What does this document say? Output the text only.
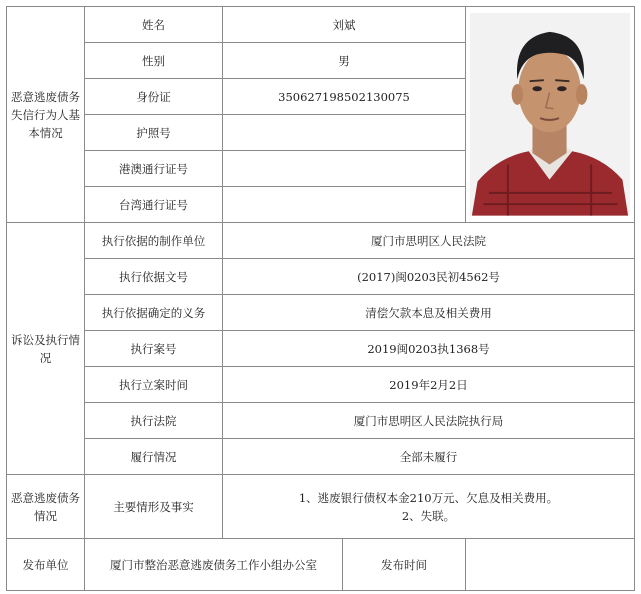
恶意逃废债务失信行为人基本情况	姓名	刘斌	

	性别	男		
	身份证	350627198502130075		
	护照号			
	港澳通行证号			
	台湾通行证号			
诉讼及执行情况	执行依据的制作单位	厦门市思明区人民法院		
	执行依据文号	(2017)闽0203民初4562号		
	执行依据确定的义务	清偿欠款本息及相关费用		
	执行案号	2019闽0203执1368号		
	执行立案时间	2019年2月2日		
	执行法院	厦门市思明区人民法院执行局		
	履行情况	全部未履行		
恶意逃废债务情况	主要情形及事实	1、逃废银行债权本金210万元、欠息及相关费用。
2、失联。		

发布单位	厦门市整治恶意逃废债务工作小组办公室		发布时间	
